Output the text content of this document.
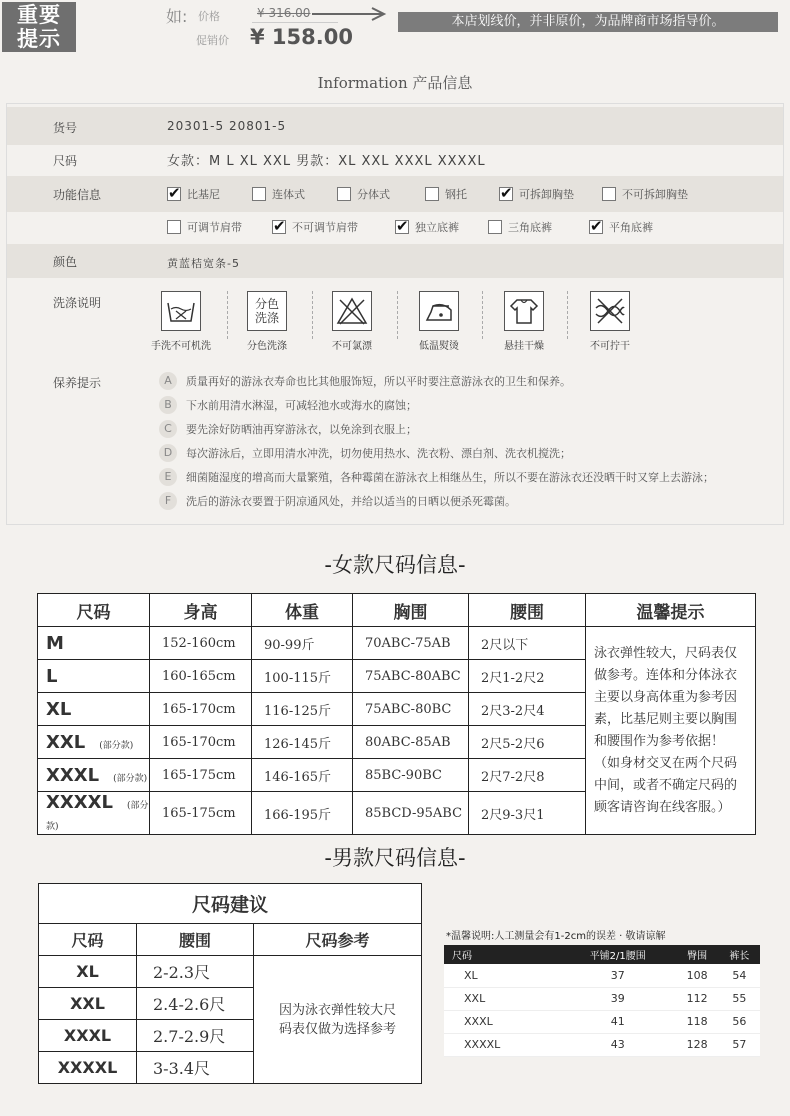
重要
提示
如: 价格	¥ 316.00
促销价 ¥ 158.00
本店划线价，并非原价，为品牌商市场指导价。
Information 产品信息
货号	20301-5 20801-5
尺码	女款：M L XL XXL 男款：XL XXL XXXL XXXXL
功能信息 ✔	比基尼	连体式	分体式	钢托 ✔	可拆卸胸垫	不可拆卸胸垫
可调节肩带 ✔	不可调节肩带 ✔	独立底裤	三角底裤 ✔	平角底裤
颜色	黄蓝桔宽条-5
洗涤说明
手洗不可机洗
分色洗涤
分色洗涤	不可氯漂	低温熨烫	悬挂干燥	不可拧干
保养提示	A	质量再好的游泳衣寿命也比其他服饰短，所以平时要注意游泳衣的卫生和保养。
B	下水前用清水淋湿，可减轻池水或海水的腐蚀；
C	要先涂好防晒油再穿游泳衣，以免涂到衣服上；
D	每次游泳后，立即用清水冲洗，切勿使用热水、洗衣粉、漂白剂、洗衣机搅洗；
E	细菌随湿度的增高而大量繁殖，各种霉菌在游泳衣上相继丛生，所以不要在游泳衣还没晒干时又穿上去游泳；
F	洗后的游泳衣要置于阴凉通风处，并给以适当的日晒以便杀死霉菌。
-女款尺码信息-
尺码	身高	体重	胸围	腰围	温馨提示
M	152-160cm	90-99斤	70ABC-75AB	2尺以下	泳衣弹性较大，尺码表仅做参考。连体和分体泳衣主要以身高体重为参考因素，比基尼则主要以胸围和腰围作为参考依据！（如身材交叉在两个尺码中间，或者不确定尺码的顾客请咨询在线客服。）
L	160-165cm	100-115斤	75ABC-80ABC	2尺1-2尺2	
XL	165-170cm	116-125斤	75ABC-80BC	2尺3-2尺4	
XXL (部分款)	165-170cm	126-145斤	80ABC-85AB	2尺5-2尺6	
XXXL (部分款)	165-175cm	146-165斤	85BC-90BC	2尺7-2尺8	
XXXXL (部分款)	165-175cm	166-195斤	85BCD-95ABC	2尺9-3尺1	
-男款尺码信息-
尺码建议		
尺码	腰围	尺码参考
XL	2-2.3尺	因为泳衣弹性较大尺码表仅做为选择参考
XXL	2.4-2.6尺	
XXXL	2.7-2.9尺	
XXXXL	3-3.4尺	
*温馨说明:人工测量会有1-2cm的误差 · 敬请谅解
尺码	平铺2/1腰围	臀围	裤长
XL	37	108	54
XXL	39	112	55
XXXL	41	118	56
XXXXL	43	128	57
